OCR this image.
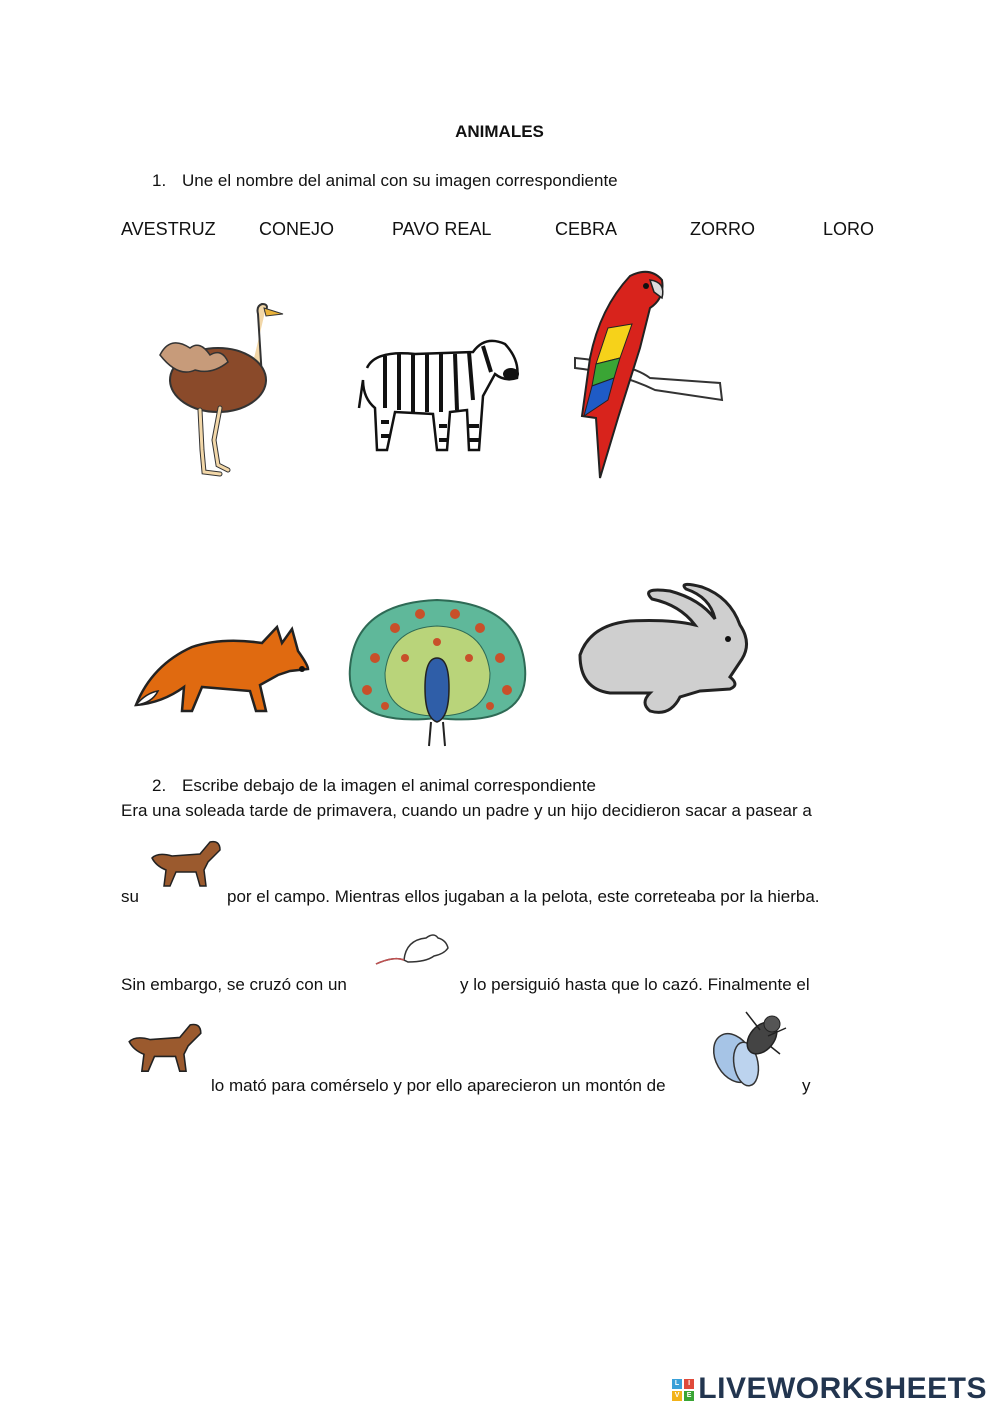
ANIMALES
1. Une el nombre del animal con su imagen correspondiente
AVESTRUZ CONEJO	PAVO REAL	CEBRA	ZORRO	LORO
2. Escribe debajo de la imagen el animal correspondiente
Era una soleada tarde de primavera, cuando un padre y un hijo decidieron sacar a pasear a
su	por el campo. Mientras ellos jugaban a la pelota, este correteaba por la hierba.
Sin embargo, se cruzó con un	y lo persiguió hasta que lo cazó. Finalmente el
lo mató para comérselo y por ello aparecieron un montón de	y
L	I
V E LIVEWORKSHEETS
